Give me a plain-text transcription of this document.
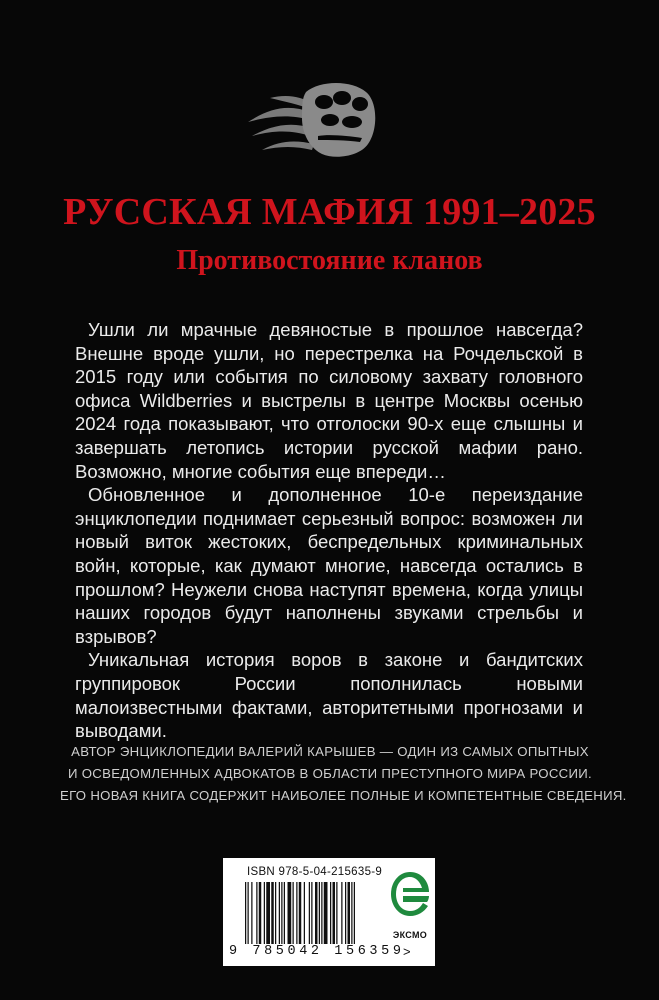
РУССКАЯ МАФИЯ 1991–2025
Противостояние кланов

Ушли ли мрачные девяностые в прошлое навсегда? Внешне вроде ушли, но перестрелка на Рочдельской в 2015 году или события по силовому захвату головного офиса Wildberries и выстрелы в центре Москвы осенью 2024 года показывают, что отголоски 90-х еще слышны и завершать летопись истории русской мафии рано. Возможно, многие события еще впереди…

Обновленное и дополненное 10-е переиздание энциклопедии поднимает серьезный вопрос: возможен ли новый виток жестоких, беспредельных криминальных войн, которые, как думают многие, навсегда остались в прошлом? Неужели снова наступят времена, когда улицы наших городов будут наполнены звуками стрельбы и взрывов?

Уникальная история воров в законе и бандитских группировок России пополнилась новыми малоизвестными фактами, авторитетными прогнозами и выводами.

АВТОР ЭНЦИКЛОПЕДИИ ВАЛЕРИЙ КАРЫШЕВ — ОДИН ИЗ САМЫХ ОПЫТНЫХ
И ОСВЕДОМЛЕННЫХ АДВОКАТОВ В ОБЛАСТИ ПРЕСТУПНОГО МИРА РОССИИ.
ЕГО НОВАЯ КНИГА СОДЕРЖИТ НАИБОЛЕЕ ПОЛНЫЕ И КОМПЕТЕНТНЫЕ СВЕДЕНИЯ.
ISBN 978-5-04-215635-9
9 785042 156359
>
ЭКСМО
